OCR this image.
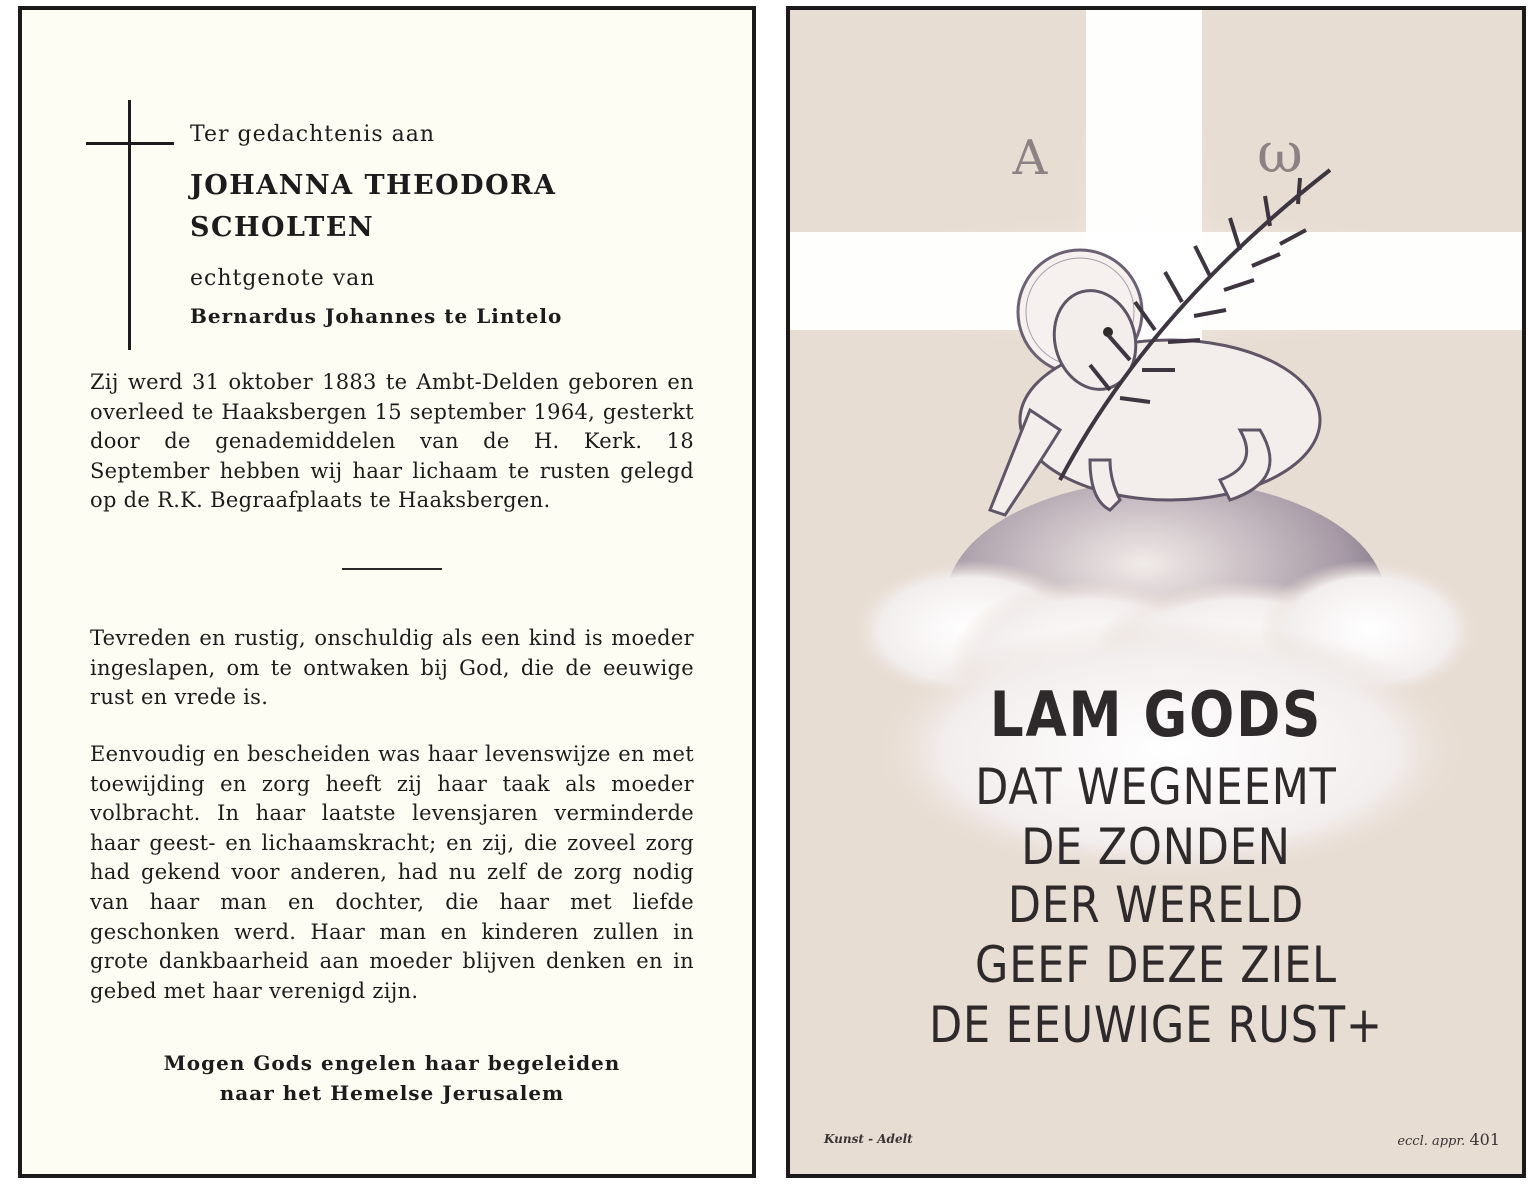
Ter gedachtenis aan
JOHANNA THEODORA
SCHOLTEN
echtgenote van
Bernardus Johannes te Lintelo

Zij werd 31 oktober 1883 te Ambt-Delden geboren en overleed te Haaksbergen 15 september 1964, gesterkt door de genademiddelen van de H. Kerk. 18 September hebben wij haar lichaam te rusten gelegd op de R.K. Begraafplaats te Haaksbergen.

Tevreden en rustig, onschuldig als een kind is moeder ingeslapen, om te ontwaken bij God, die de eeuwige rust en vrede is.

Eenvoudig en bescheiden was haar levenswijze en met toewijding en zorg heeft zij haar taak als moeder volbracht. In haar laatste levensjaren verminderde haar geest- en lichaamskracht; en zij, die zoveel zorg had gekend voor anderen, had nu zelf de zorg nodig van haar man en dochter, die haar met liefde geschonken werd. Haar man en kinderen zullen in grote dankbaarheid aan moeder blijven denken en in gebed met haar verenigd zijn.

Mogen Gods engelen haar begeleiden
naar het Hemelse Jerusalem
A	ω
LAM GODS
DAT WEGNEEMT
DE ZONDEN
DER WERELD
GEEF DEZE ZIEL
DE EEUWIGE RUST+
Kunst - Adelt	eccl. appr. 401
